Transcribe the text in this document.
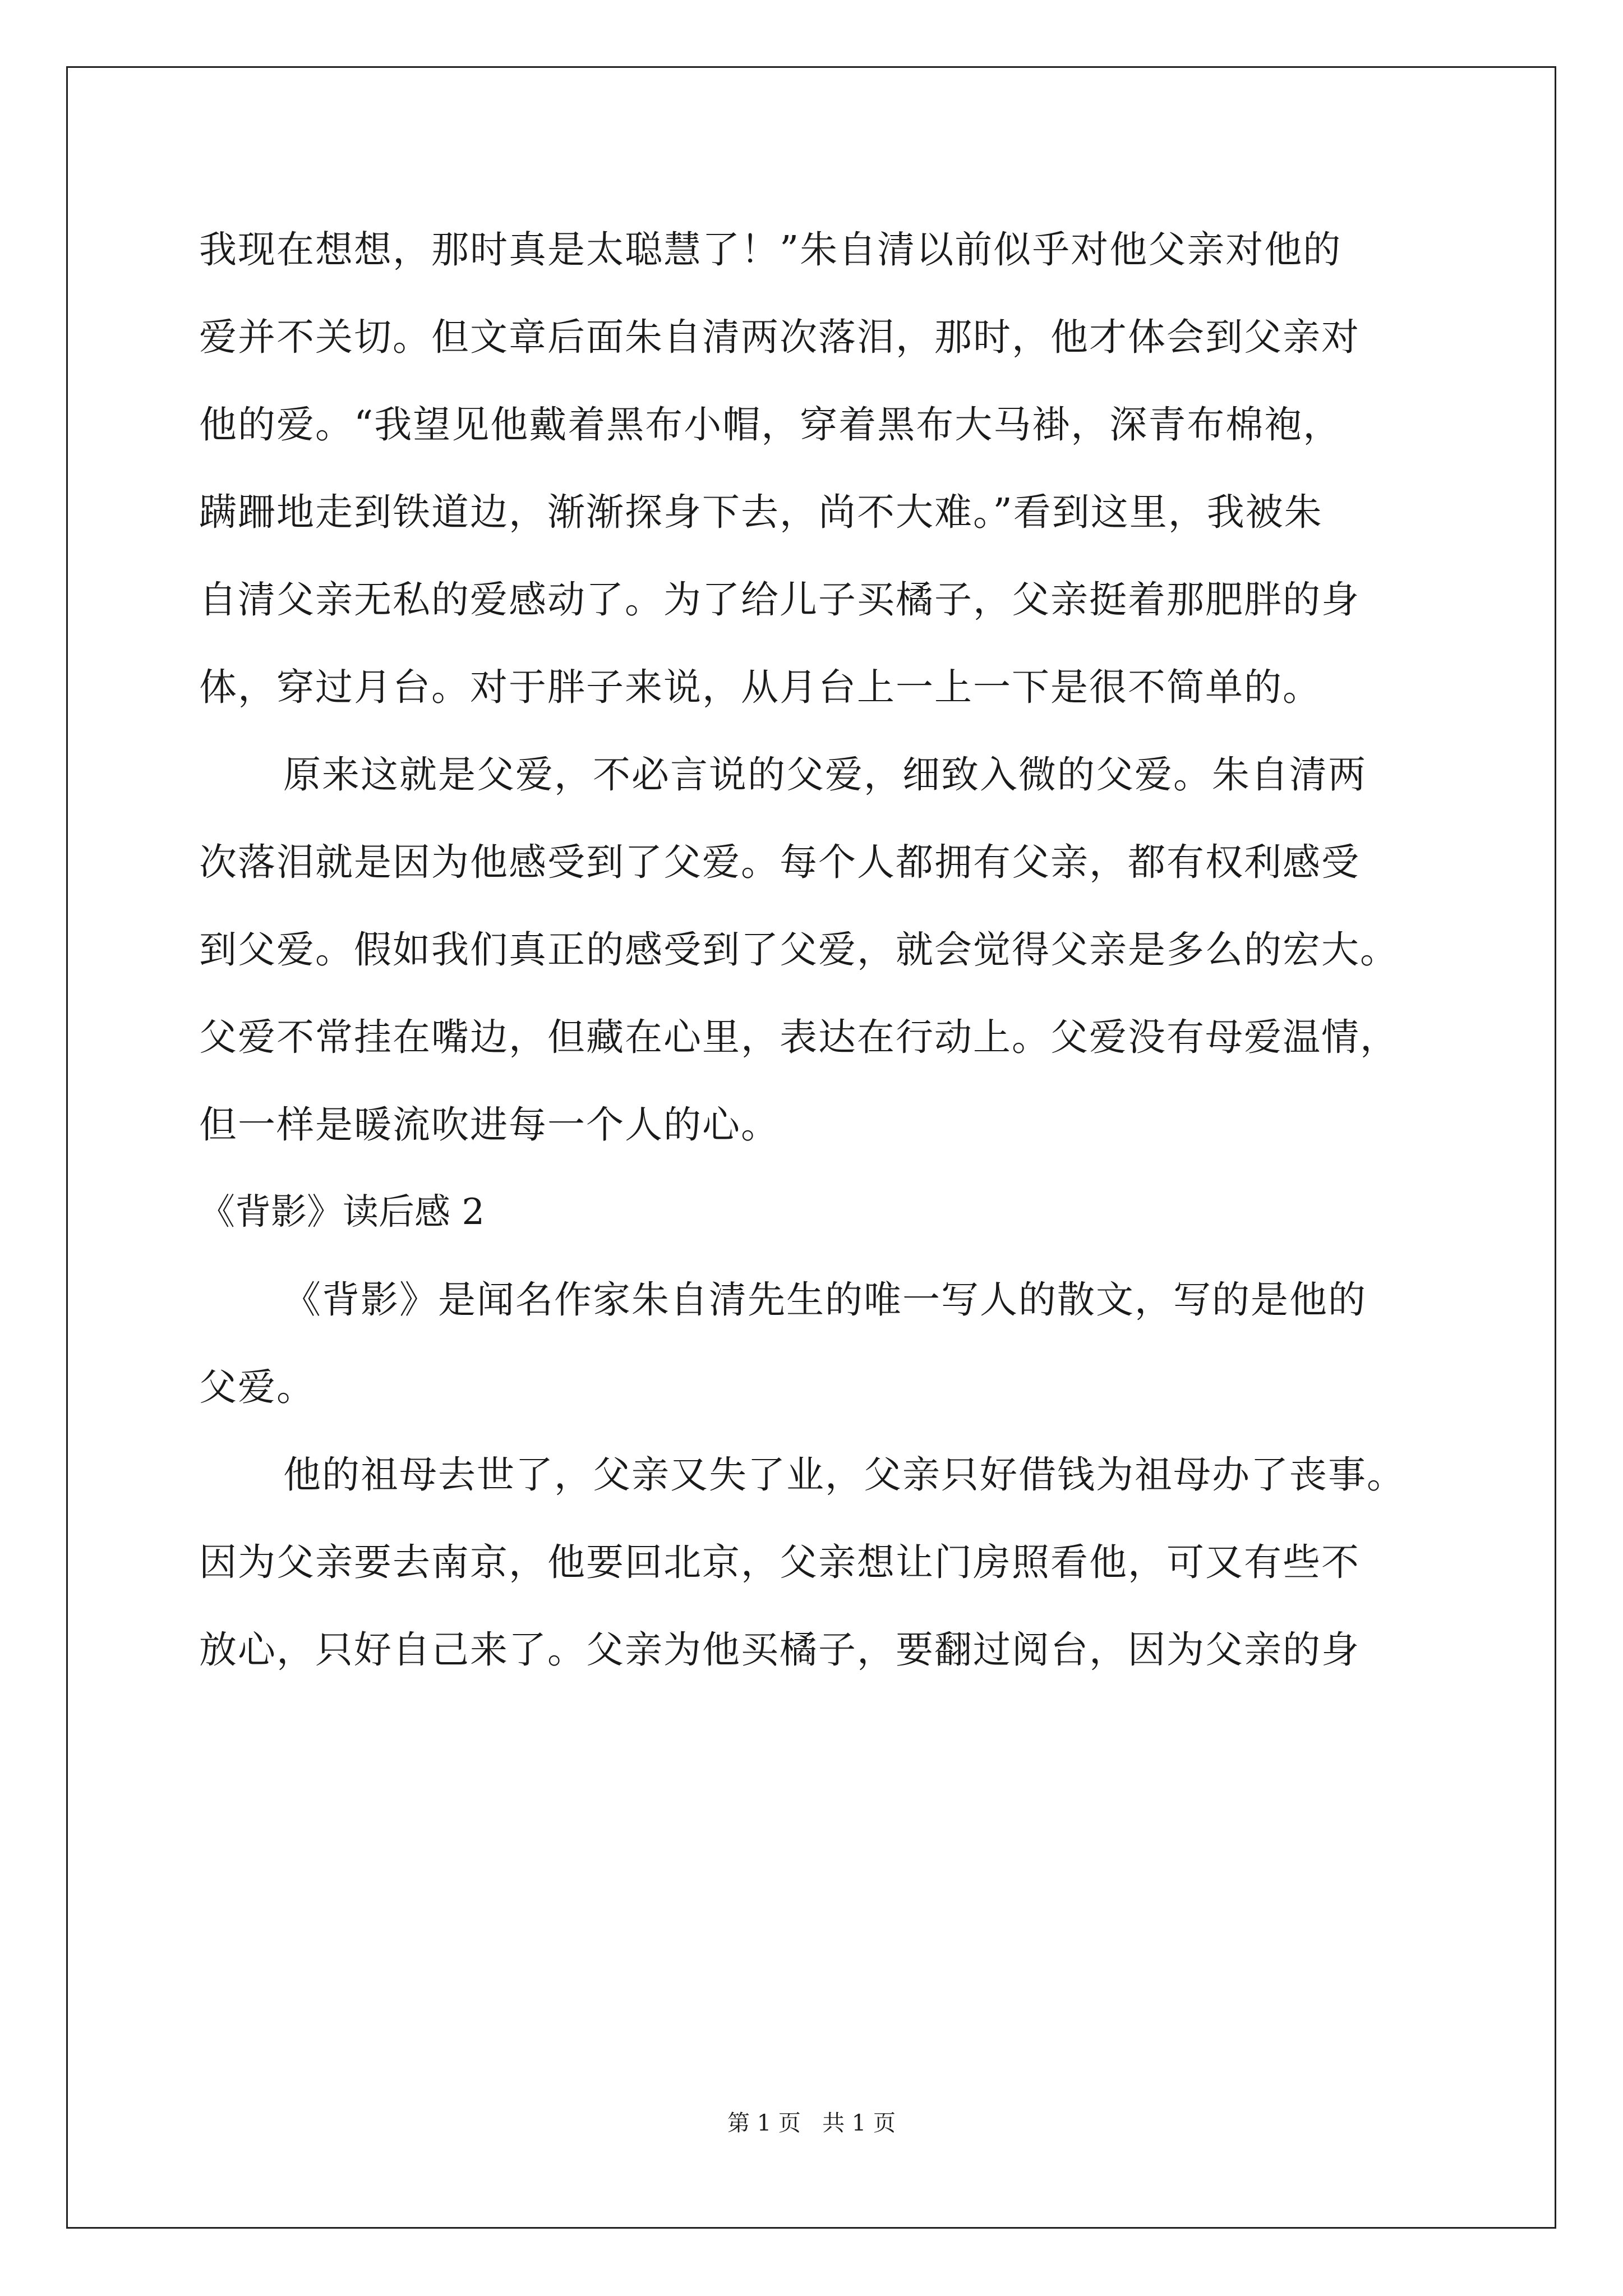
我现在想想，那时真是太聪慧了！”朱自清以前似乎对他父亲对他的
爱并不关切。但文章后面朱自清两次落泪，那时，他才体会到父亲对
他的爱。“我望见他戴着黑布小帽，穿着黑布大马褂，深青布棉袍，
蹒跚地走到铁道边，渐渐探身下去，尚不大难。”看到这里，我被朱
自清父亲无私的爱感动了。为了给儿子买橘子，父亲挺着那肥胖的身
体，穿过月台。对于胖子来说，从月台上一上一下是很不简单的。
原来这就是父爱，不必言说的父爱，细致入微的父爱。朱自清两
次落泪就是因为他感受到了父爱。每个人都拥有父亲，都有权利感受
到父爱。假如我们真正的感受到了父爱，就会觉得父亲是多么的宏大。
父爱不常挂在嘴边，但藏在心里，表达在行动上。父爱没有母爱温情，
但一样是暖流吹进每一个人的心。
《背影》读后感 2
《背影》是闻名作家朱自清先生的唯一写人的散文，写的是他的
父爱。
他的祖母去世了，父亲又失了业，父亲只好借钱为祖母办了丧事。
因为父亲要去南京，他要回北京，父亲想让门房照看他，可又有些不
放心，只好自己来了。父亲为他买橘子，要翻过阅台，因为父亲的身
第 1 页   共 1 页
